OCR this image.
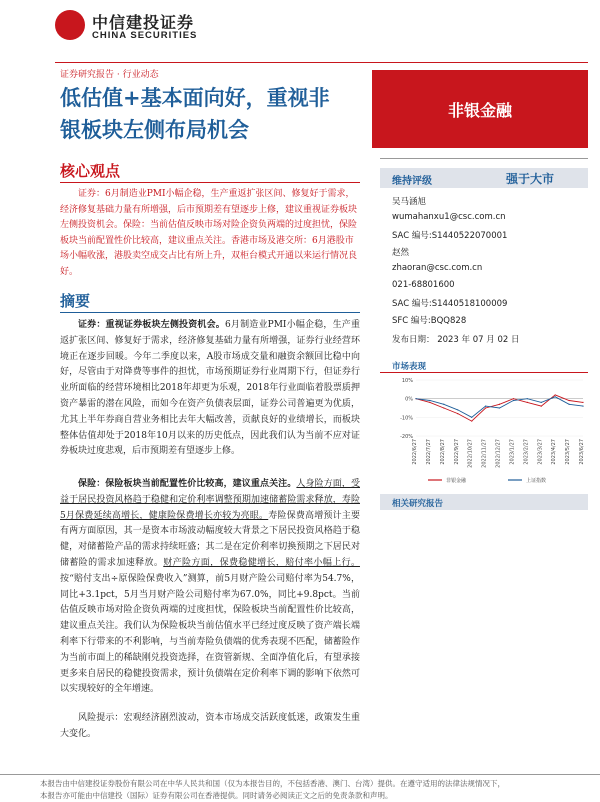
中信建投证券
CHINA SECURITIES
证券研究报告 · 行业动态
低估值+基本面向好，重视非
银板块左侧布局机会
非银金融
核心观点
证券：6月制造业PMI小幅企稳，生产重返扩张区间、修复好于需求，经济修复基础力量有所增强，后市预期差有望逐步上修，建议重视证券板块左侧投资机会。保险：当前估值反映市场对险企资负两端的过度担忧，保险板块当前配置性价比较高，建议重点关注。香港市场及港交所：6月港股市场小幅收涨，港股卖空成交占比有所上升，双柜台模式开通以来运行情况良好。
摘要
证券：重视证券板块左侧投资机会。6月制造业PMI小幅企稳，生产重返扩张区间、修复好于需求，经济修复基础力量有所增强，证券行业经营环境正在逐步回暖。今年二季度以来，A股市场成交量和融资余额回比稳中向好，尽管由于对降费等事件的担忧，市场预期证券行业周期下行，但证券行业所面临的经营环境相比2018年却更为乐观，2018年行业面临着股票质押资产暴雷的潜在风险，而如今在资产负债表层面，证券公司普遍更为优质，尤其上半年券商自营业务相比去年大幅改善，贡献良好的业绩增长，而板块整体估值却处于2018年10月以来的历史低点，因此我们认为当前不应对证券板块过度悲观，后市预期差有望逐步上修。
保险：保险板块当前配置性价比较高，建议重点关注。人身险方面，受益于居民投资风格趋于稳健和定价利率调整预期加速储蓄险需求释放，寿险5月保费延续高增长，健康险保费增长亦较为亮眼。寿险保费高增预计主要有两方面原因，其一是资本市场波动幅度较大背景之下居民投资风格趋于稳健，对储蓄险产品的需求持续旺盛；其二是在定价利率切换预期之下居民对储蓄险的需求加速释放。财产险方面，保费稳健增长，赔付率小幅上行。按“赔付支出÷原保险保费收入”测算，前5月财产险公司赔付率为54.7%，同比+3.1pct，5月当月财产险公司赔付率为67.0%，同比+9.8pct。当前估值反映市场对险企资负两端的过度担忧，保险板块当前配置性价比较高，建议重点关注。我们认为保险板块当前估值水平已经过度反映了资产端长端利率下行带来的不利影响，与当前寿险负债端的优秀表现不匹配，储蓄险作为当前市面上的稀缺刚兑投资选择，在资管新规、全面净值化后，有望承接更多来自居民的稳健投资需求，预计负债端在定价利率下调的影响下依然可以实现较好的全年增速。
风险提示：宏观经济剧烈波动，资本市场成交活跃度低迷，政策发生重大变化。
维持评级	强于大市
吴马涵旭
wumahanxu1@csc.com.cn
SAC 编号:S1440522070001
赵然
zhaoran@csc.com.cn
021-68801600
SAC 编号:S1440518100009
SFC 编号:BQQ828
发布日期： 2023 年 07 月 02 日
市场表现
10%
0%
-10%
-20%
2022/6/27 2022/7/27 2022/8/27 2022/9/27 2022/10/27 2022/11/27 2022/12/27 2023/1/27 2023/2/27 2023/3/27 2023/4/27 2023/5/27 2023/6/27
非银金融	上证指数
相关研究报告
本报告由中信建投证券股份有限公司在中华人民共和国（仅为本报告目的，不包括香港、澳门、台湾）提供。在遵守适用的法律法规情况下，
本报告亦可能由中信建投（国际）证券有限公司在香港提供。同时请务必阅读正文之后的免责条款和声明。
